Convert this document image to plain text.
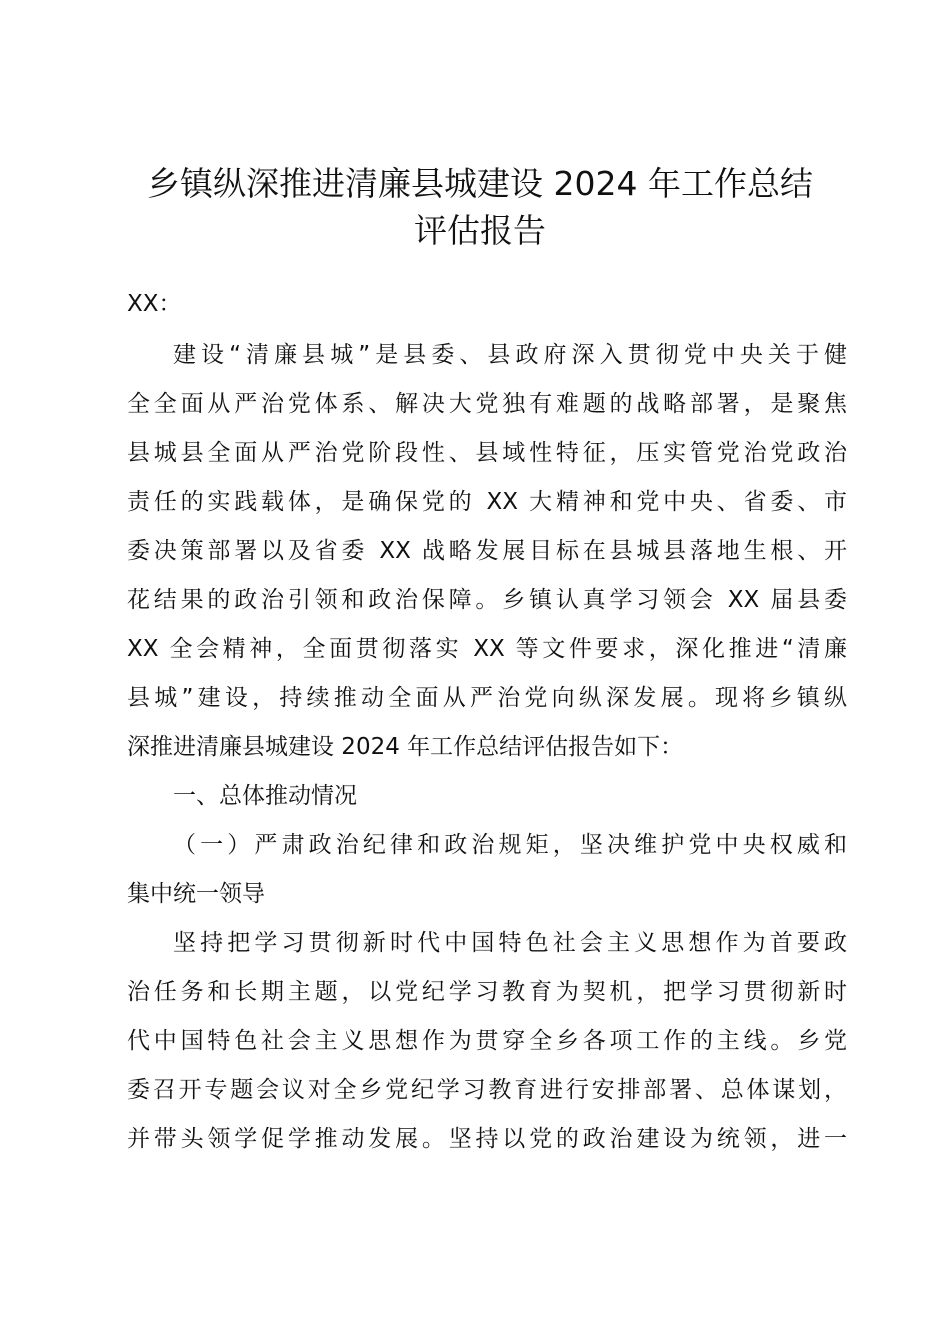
乡镇纵深推进清廉县城建设 2024 年工作总结
评估报告
XX：
建设“清廉县城”是县委、县政府深入贯彻党中央关于健
全全面从严治党体系、解决大党独有难题的战略部署，是聚焦
县城县全面从严治党阶段性、县域性特征，压实管党治党政治
责任的实践载体，是确保党的 XX 大精神和党中央、省委、市
委决策部署以及省委 XX 战略发展目标在县城县落地生根、开
花结果的政治引领和政治保障。乡镇认真学习领会 XX 届县委
XX 全会精神，全面贯彻落实 XX 等文件要求，深化推进“清廉
县城”建设，持续推动全面从严治党向纵深发展。现将乡镇纵
深推进清廉县城建设 2024 年工作总结评估报告如下：
一、总体推动情况
（一）严肃政治纪律和政治规矩，坚决维护党中央权威和
集中统一领导
坚持把学习贯彻新时代中国特色社会主义思想作为首要政
治任务和长期主题，以党纪学习教育为契机，把学习贯彻新时
代中国特色社会主义思想作为贯穿全乡各项工作的主线。乡党
委召开专题会议对全乡党纪学习教育进行安排部署、总体谋划，
并带头领学促学推动发展。坚持以党的政治建设为统领，进一
